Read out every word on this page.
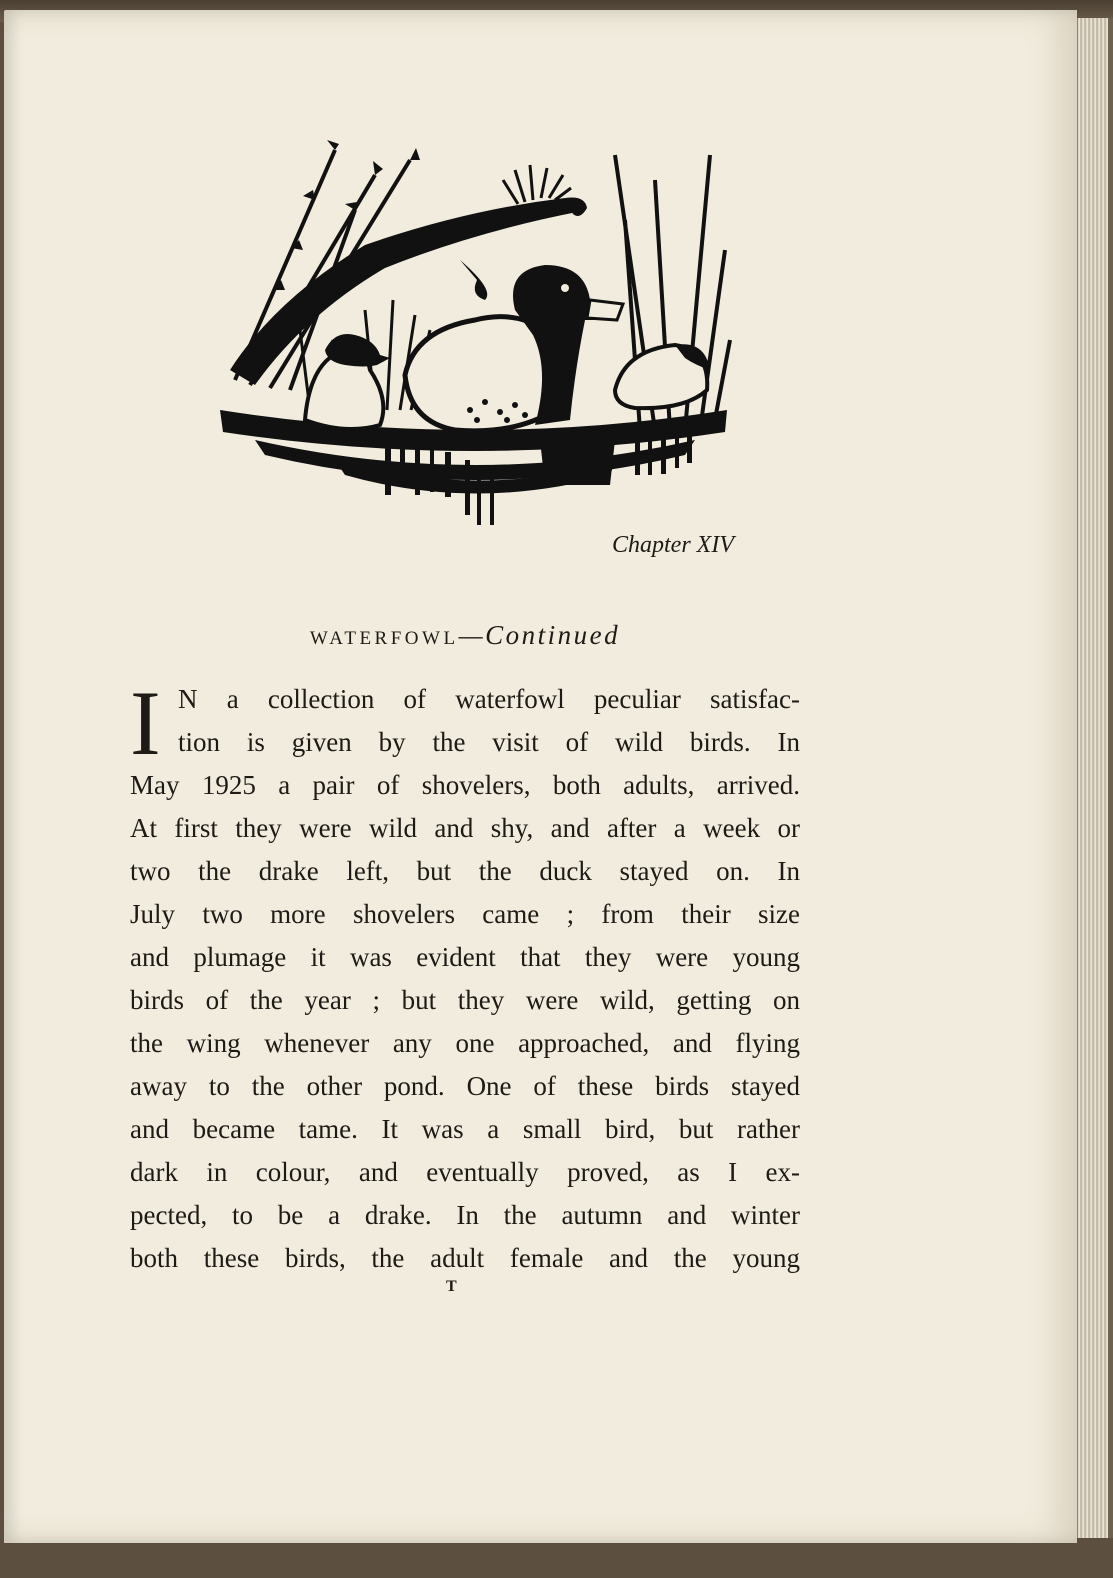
Chapter XIV
WATERFOWL—Continued
I N a collection of waterfowl peculiar satisfac-
tion is given by the visit of wild birds. In
May 1925 a pair of shovelers, both adults, arrived.
At first they were wild and shy, and after a week or
two the drake left, but the duck stayed on. In
July two more shovelers came ; from their size
and plumage it was evident that they were young
birds of the year ; but they were wild, getting on
the wing whenever any one approached, and flying
away to the other pond. One of these birds stayed
and became tame. It was a small bird, but rather
dark in colour, and eventually proved, as I ex-
pected, to be a drake. In the autumn and winter
both these birds, the adult female and the young
T
